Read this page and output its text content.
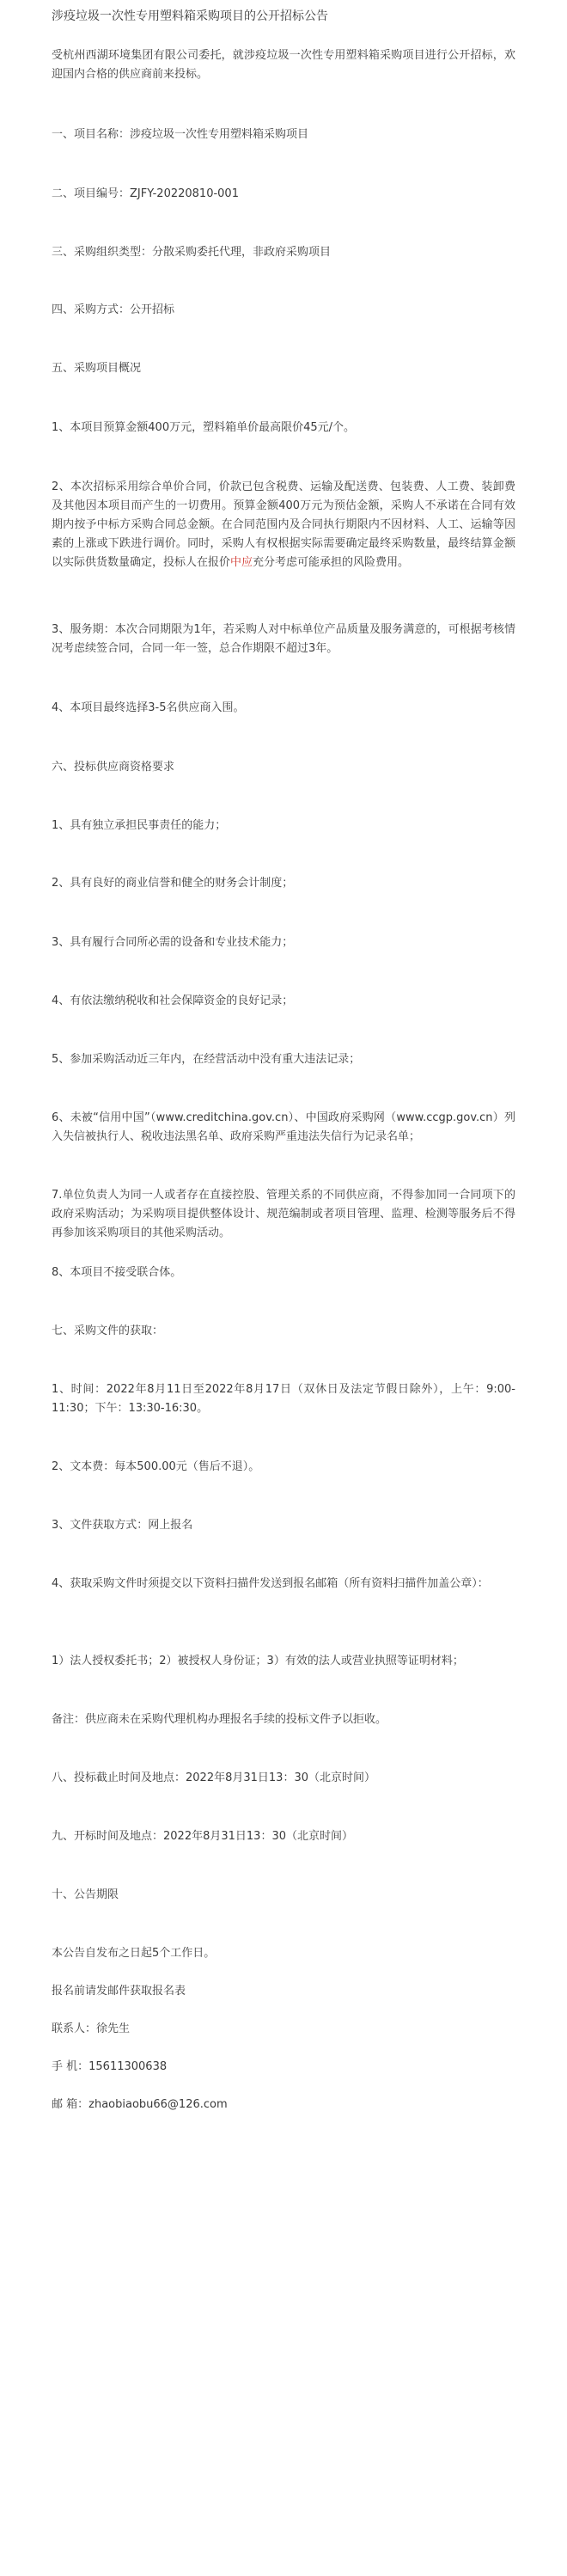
涉疫垃圾一次性专用塑料箱采购项目的公开招标公告

受杭州西湖环境集团有限公司委托，就涉疫垃圾一次性专用塑料箱采购项目进行公开招标，欢迎国内合格的供应商前来投标。

一、项目名称：涉疫垃圾一次性专用塑料箱采购项目

二、项目编号：ZJFY-20220810-001

三、采购组织类型：分散采购委托代理，非政府采购项目

四、采购方式：公开招标

五、采购项目概况

1、本项目预算金额400万元，塑料箱单价最高限价45元/个。

2、本次招标采用综合单价合同，价款已包含税费、运输及配送费、包装费、人工费、装卸费及其他因本项目而产生的一切费用。预算金额400万元为预估金额，采购人不承诺在合同有效期内按予中标方采购合同总金额。在合同范围内及合同执行期限内不因材料、人工、运输等因素的上涨或下跌进行调价。同时，采购人有权根据实际需要确定最终采购数量，最终结算金额以实际供货数量确定，投标人在报价中应充分考虑可能承担的风险费用。

3、服务期：本次合同期限为1年，若采购人对中标单位产品质量及服务满意的，可根据考核情况考虑续签合同，合同一年一签，总合作期限不超过3年。

4、本项目最终选择3-5名供应商入围。

六、投标供应商资格要求

1、具有独立承担民事责任的能力；

2、具有良好的商业信誉和健全的财务会计制度；

3、具有履行合同所必需的设备和专业技术能力；

4、有依法缴纳税收和社会保障资金的良好记录；

5、参加采购活动近三年内，在经营活动中没有重大违法记录；

6、未被“信用中国”（www.creditchina.gov.cn）、中国政府采购网（www.ccgp.gov.cn）列入失信被执行人、税收违法黑名单、政府采购严重违法失信行为记录名单；

7.单位负责人为同一人或者存在直接控股、管理关系的不同供应商，不得参加同一合同项下的政府采购活动；为采购项目提供整体设计、规范编制或者项目管理、监理、检测等服务后不得再参加该采购项目的其他采购活动。

8、本项目不接受联合体。

七、采购文件的获取：

1、时间：2022年8月11日至2022年8月17日（双休日及法定节假日除外），上午：9:00-11:30；下午：13:30-16:30。

2、文本费：每本500.00元（售后不退）。

3、文件获取方式：网上报名

4、获取采购文件时须提交以下资料扫描件发送到报名邮箱（所有资料扫描件加盖公章）：

1）法人授权委托书；2）被授权人身份证；3）有效的法人或营业执照等证明材料；

备注：供应商未在采购代理机构办理报名手续的投标文件予以拒收。

八、投标截止时间及地点：2022年8月31日13：30（北京时间）

九、开标时间及地点：2022年8月31日13：30（北京时间）

十、公告期限

本公告自发布之日起5个工作日。

报名前请发邮件获取报名表

联系人：徐先生

手 机：15611300638

邮 箱：zhaobiaobu66@126.com
